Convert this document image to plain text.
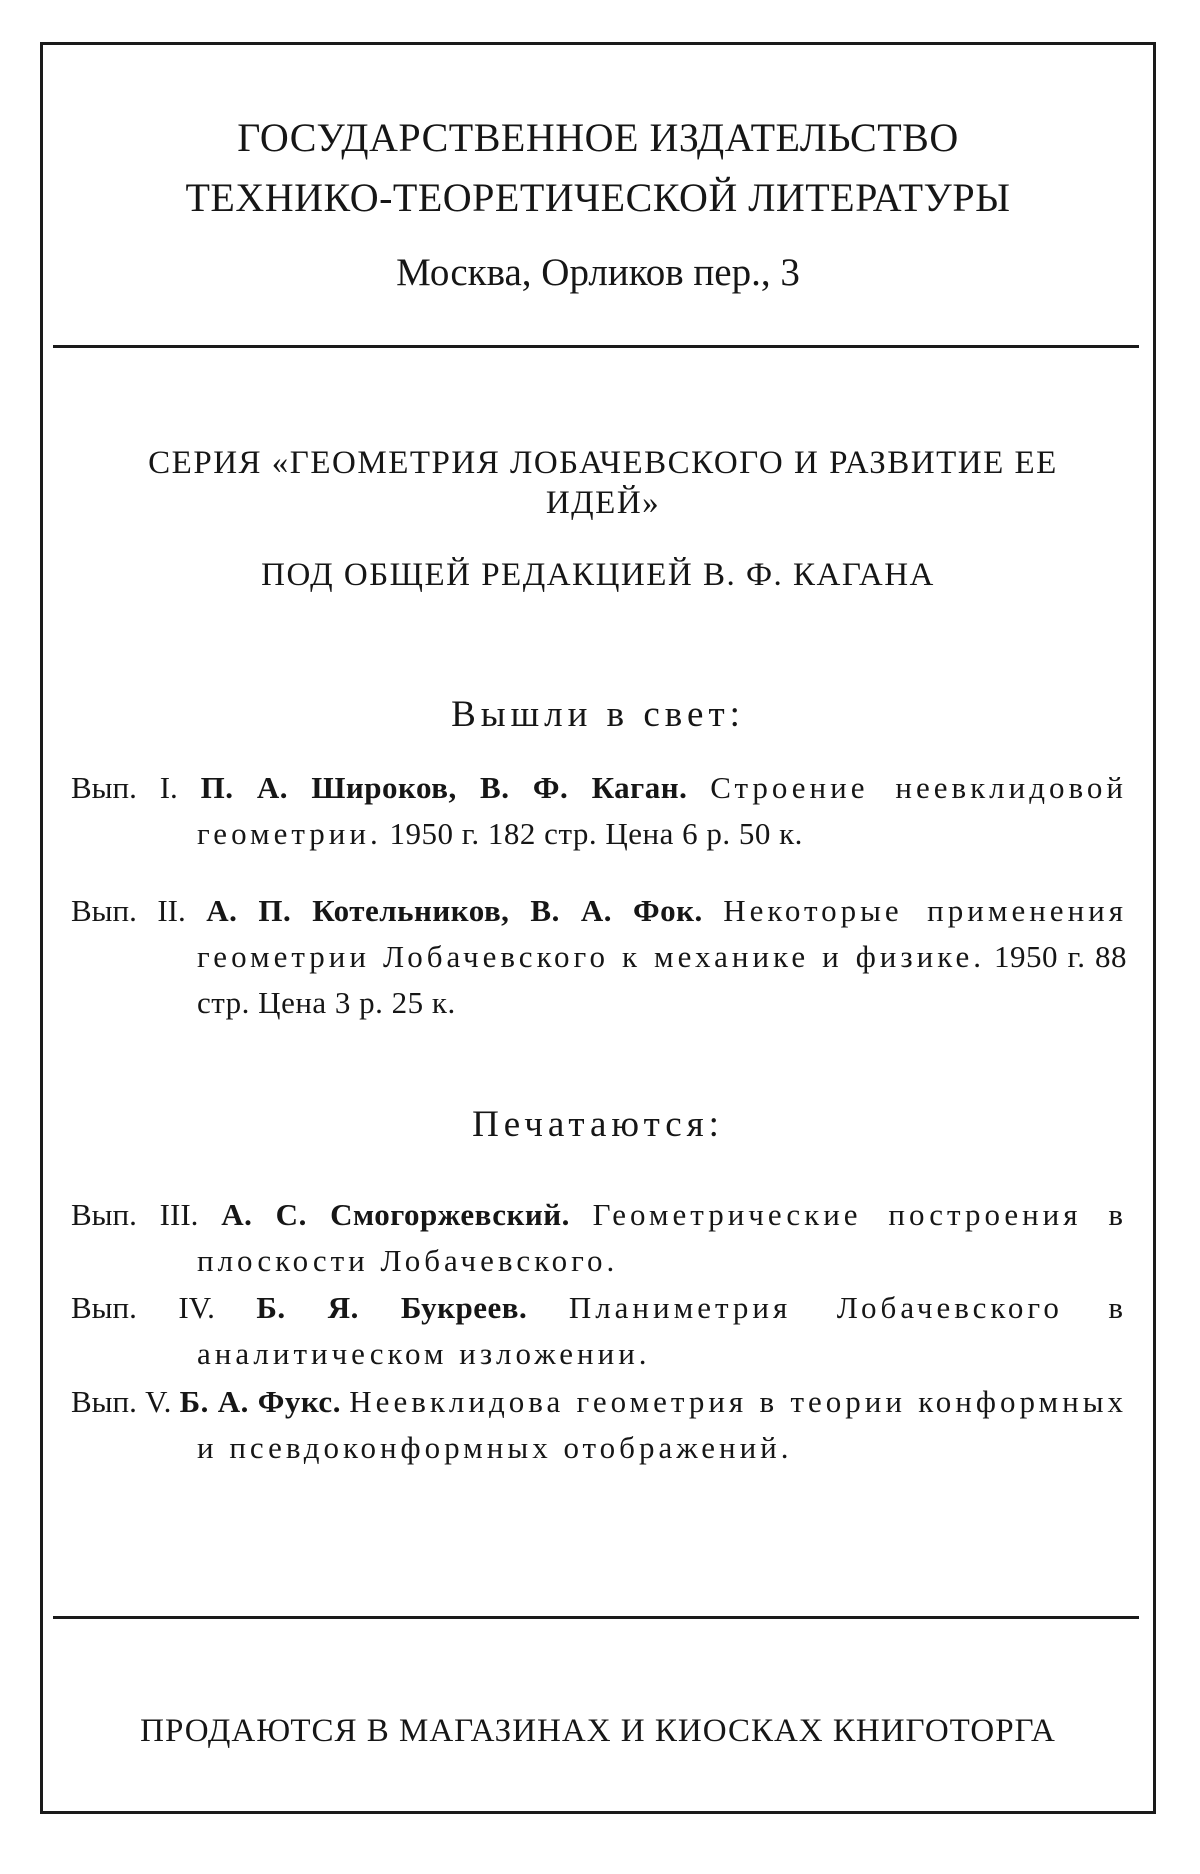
ГОСУДАРСТВЕННОЕ ИЗДАТЕЛЬСТВО
ТЕХНИКО-ТЕОРЕТИЧЕСКОЙ ЛИТЕРАТУРЫ
Москва, Орликов пер., 3
СЕРИЯ «ГЕОМЕТРИЯ ЛОБАЧЕВСКОГО И РАЗВИТИЕ ЕЕ ИДЕЙ»
ПОД ОБЩЕЙ РЕДАКЦИЕЙ В. Ф. КАГАНА
Вышли в свет:
Вып. I. П. А. Широков, В. Ф. Каган. Строение неевклидовой геометрии. 1950 г. 182 стр. Цена 6 р. 50 к.
Вып. II. А. П. Котельников, В. А. Фок. Некоторые применения геометрии Лобачевского к механике и физике. 1950 г. 88 стр. Цена 3 р. 25 к.
Печатаются:
Вып. III. А. С. Смогоржевский. Геометрические построения в плоскости Лобачевского.
Вып. IV. Б. Я. Букреев. Планиметрия Лобачевского в аналитическом изложении.
Вып. V. Б. А. Фукс. Неевклидова геометрия в теории конформных и псевдоконформных отображений.
ПРОДАЮТСЯ В МАГАЗИНАХ И КИОСКАХ КНИГОТОРГА
